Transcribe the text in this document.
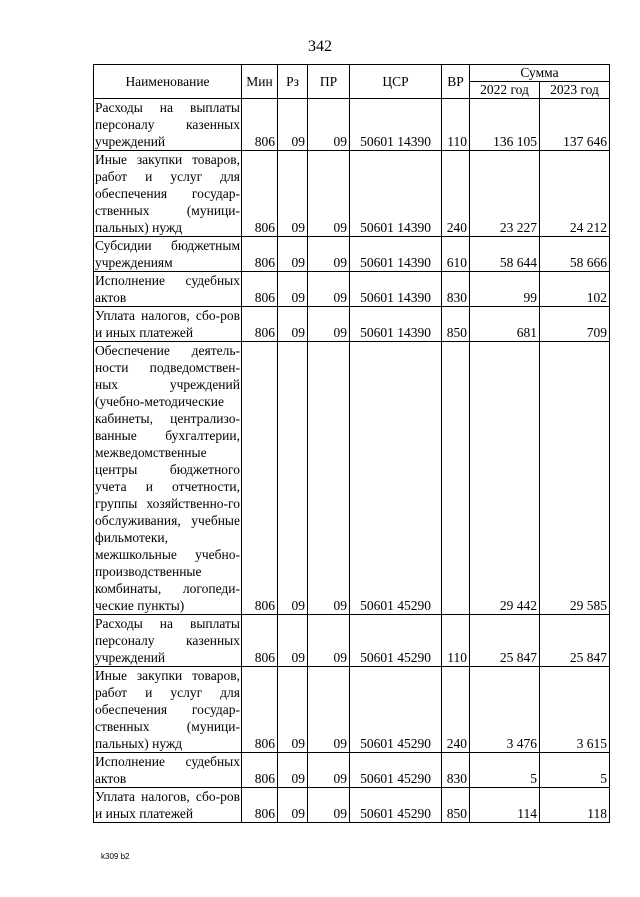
342
Наименование	Мин	Рз	ПР	ЦСР	ВР	Сумма	
						2022 год	2023 год
Расходы на выплаты персоналу казенных учреждений	806	09	09	50601 14390	110	136 105	137 646
Иные закупки товаров, работ и услуг для обеспечения государ-ственных (муници-пальных) нужд	806	09	09	50601 14390	240	23 227	24 212
Субсидии бюджетным учреждениям	806	09	09	50601 14390	610	58 644	58 666
Исполнение судебных актов	806	09	09	50601 14390	830	99	102
Уплата налогов, сбо-ров и иных платежей	806	09	09	50601 14390	850	681	709
Обеспечение деятель-ности подведомствен-ных учреждений (учебно-методические кабинеты, централизо-ванные бухгалтерии, межведомственные центры бюджетного учета и отчетности, группы хозяйственно-го обслуживания, учебные фильмотеки, межшкольные учебно-производственные комбинаты, логопеди-ческие пункты)	806	09	09	50601 45290		29 442	29 585
Расходы на выплаты персоналу казенных учреждений	806	09	09	50601 45290	110	25 847	25 847
Иные закупки товаров, работ и услуг для обеспечения государ-ственных (муници-пальных) нужд	806	09	09	50601 45290	240	3 476	3 615
Исполнение судебных актов	806	09	09	50601 45290	830	5	5
Уплата налогов, сбо-ров и иных платежей	806	09	09	50601 45290	850	114	118
k309 b2
